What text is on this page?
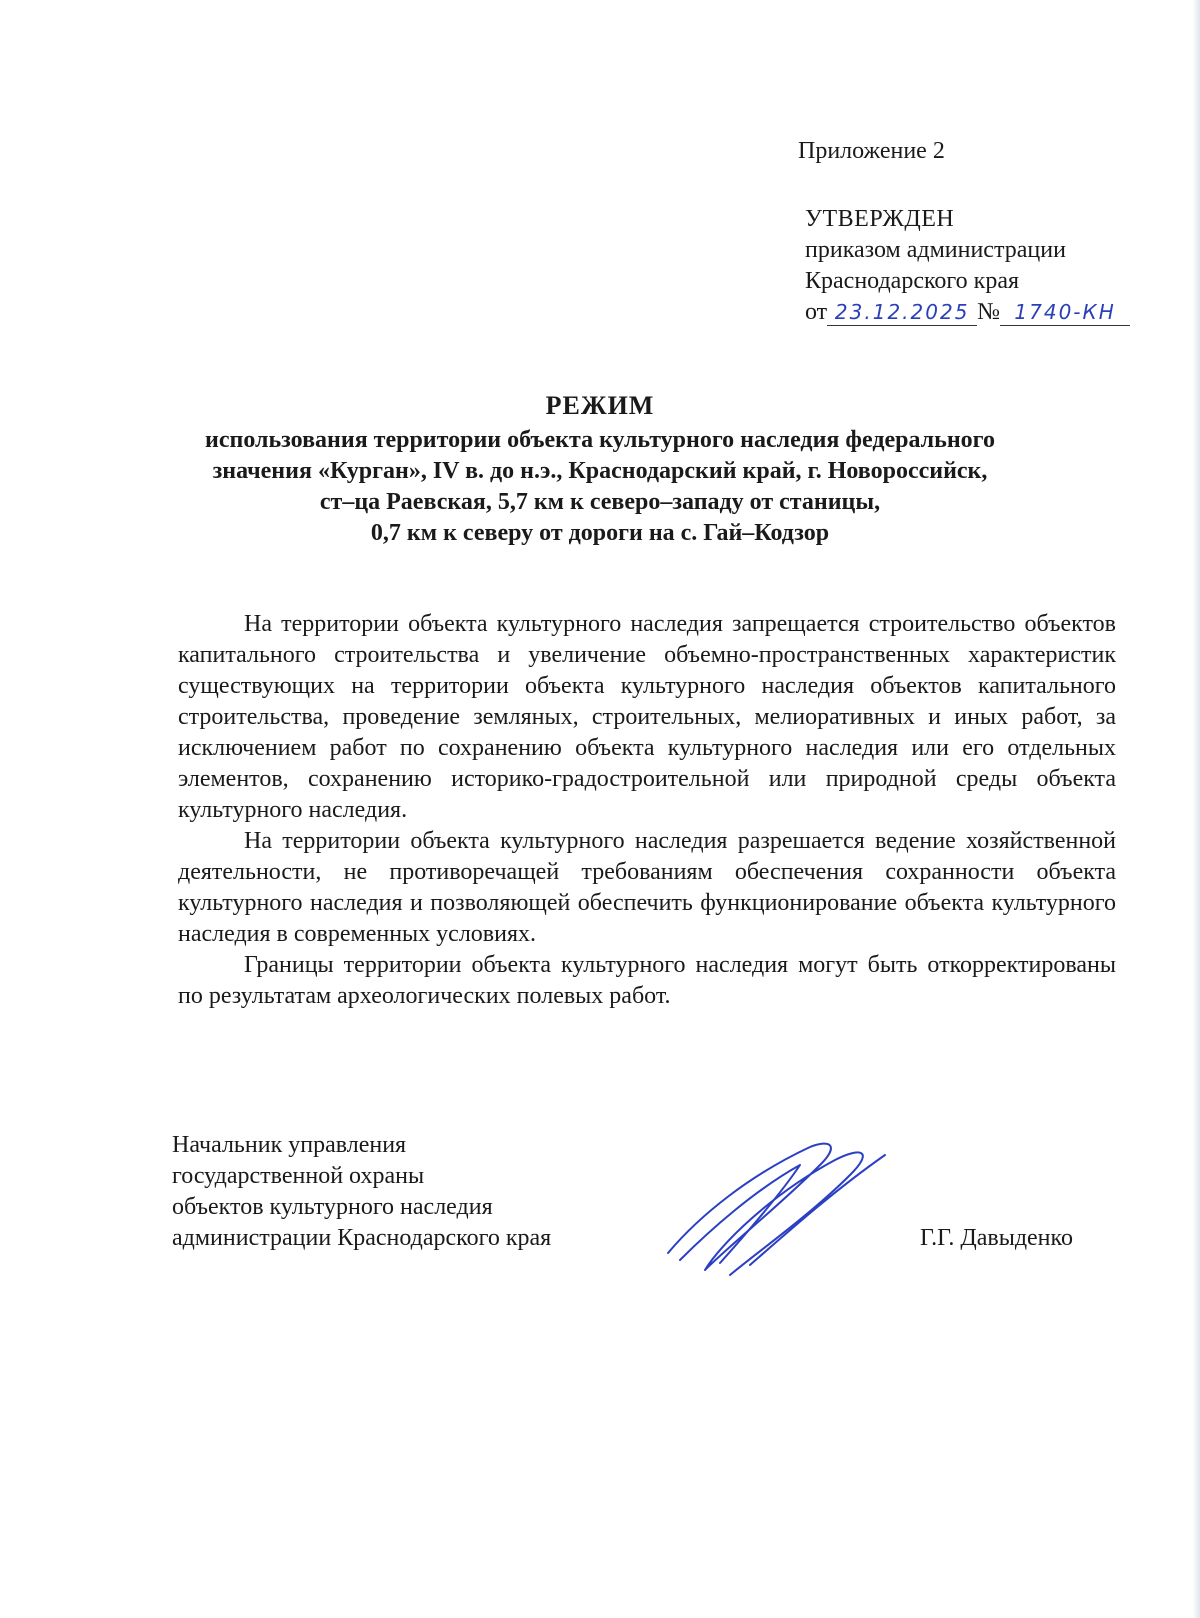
Приложение 2
УТВЕРЖДЕН
приказом администрации
Краснодарского края
от 23.12.2025 № 1740-КН
РЕЖИМ
использования территории объекта культурного наследия федерального
значения «Курган», IV в. до н.э., Краснодарский край, г. Новороссийск,
ст–ца Раевская, 5,7 км к северо–западу от станицы,
0,7 км к северу от дороги на с. Гай–Кодзор

На территории объекта культурного наследия запрещается строительство объектов капитального строительства и увеличение объемно-пространственных характеристик существующих на территории объекта культурного наследия объектов капитального строительства, проведение земляных, строительных, мелиоративных и иных работ, за исключением работ по сохранению объекта культурного наследия или его отдельных элементов, сохранению историко-градостроительной или природной среды объекта культурного наследия.

На территории объекта культурного наследия разрешается ведение хозяйственной деятельности, не противоречащей требованиям обеспечения сохранности объекта культурного наследия и позволяющей обеспечить функционирование объекта культурного наследия в современных условиях.

Границы территории объекта культурного наследия могут быть откорректированы по результатам археологических полевых работ.

Начальник управления
государственной охраны
объектов культурного наследия
администрации Краснодарского края	Г.Г. Давыденко
